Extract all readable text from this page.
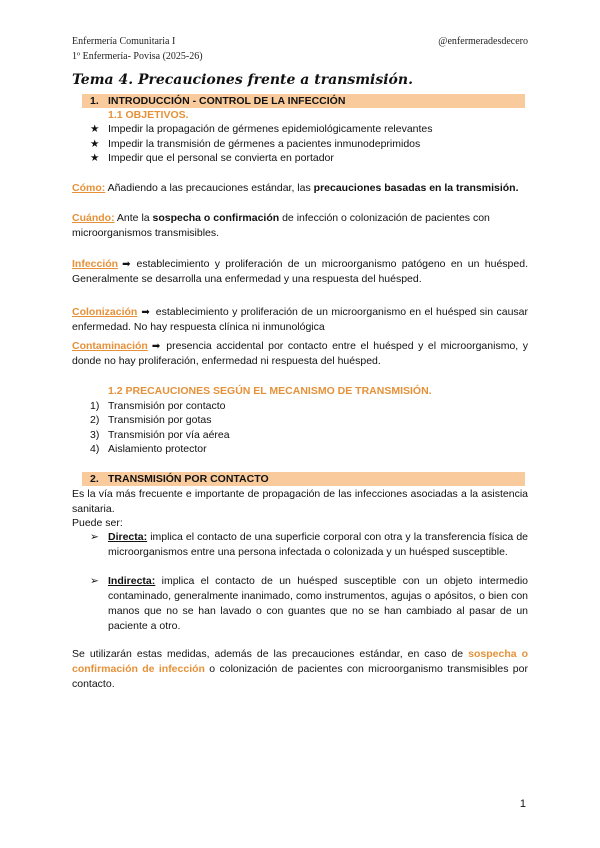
Enfermería Comunitaria I
1º Enfermería- Povisa (2025-26)
@enfermeradesdecero
Tema 4. Precauciones frente a transmisión.
1. INTRODUCCIÓN - CONTROL DE LA INFECCIÓN
1.1 OBJETIVOS.
★ Impedir la propagación de gérmenes epidemiológicamente relevantes
★ Impedir la transmisión de gérmenes a pacientes inmunodeprimidos
★ Impedir que el personal se convierta en portador
Cómo: Añadiendo a las precauciones estándar, las precauciones basadas en la transmisión.
Cuándo: Ante la sospecha o confirmación de infección o colonización de pacientes con microorganismos transmisibles.
Infección ➡ establecimiento y proliferación de un microorganismo patógeno en un huésped. Generalmente se desarrolla una enfermedad y una respuesta del huésped.
Colonización ➡ establecimiento y proliferación de un microorganismo en el huésped sin causar enfermedad. No hay respuesta clínica ni inmunológica
Contaminación ➡ presencia accidental por contacto entre el huésped y el microorganismo, y donde no hay proliferación, enfermedad ni respuesta del huésped.
1.2 PRECAUCIONES SEGÚN EL MECANISMO DE TRANSMISIÓN.
1) Transmisión por contacto
2) Transmisión por gotas
3) Transmisión por vía aérea
4) Aislamiento protector
2. TRANSMISIÓN POR CONTACTO
Es la vía más frecuente e importante de propagación de las infecciones asociadas a la asistencia sanitaria.
Puede ser:
➢ Directa: implica el contacto de una superficie corporal con otra y la transferencia física de microorganismos entre una persona infectada o colonizada y un huésped susceptible.
➢ Indirecta: implica el contacto de un huésped susceptible con un objeto intermedio contaminado, generalmente inanimado, como instrumentos, agujas o apósitos, o bien con manos que no se han lavado o con guantes que no se han cambiado al pasar de un paciente a otro.
Se utilizarán estas medidas, además de las precauciones estándar, en caso de sospecha o confirmación de infección o colonización de pacientes con microorganismo transmisibles por contacto.
1
